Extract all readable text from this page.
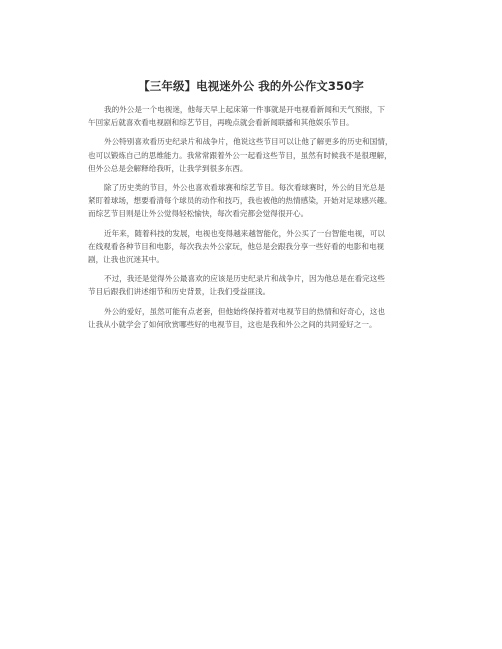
【三年级】电视迷外公 我的外公作文350字

我的外公是一个电视迷，他每天早上起床第一件事就是开电视看新闻和天气预报，下
午回家后就喜欢看电视剧和综艺节目，再晚点就会看新闻联播和其他娱乐节目。

外公特别喜欢看历史纪录片和战争片，他说这些节目可以让他了解更多的历史和国情，
也可以锻炼自己的思维能力。我常常跟着外公一起看这些节目，虽然有时候我不是很理解，
但外公总是会解释给我听，让我学到很多东西。

除了历史类的节目，外公也喜欢看球赛和综艺节目。每次看球赛时，外公的目光总是
紧盯着球场，想要看清每个球员的动作和技巧，我也被他的热情感染，开始对足球感兴趣。
而综艺节目则是让外公觉得轻松愉快，每次看完都会觉得很开心。

近年来，随着科技的发展，电视也变得越来越智能化，外公买了一台智能电视，可以
在线观看各种节目和电影，每次我去外公家玩，他总是会跟我分享一些好看的电影和电视
剧，让我也沉迷其中。

不过，我还是觉得外公最喜欢的应该是历史纪录片和战争片，因为他总是在看完这些
节目后跟我们讲述细节和历史背景，让我们受益匪浅。

外公的爱好，虽然可能有点老套，但他始终保持着对电视节目的热情和好奇心，这也
让我从小就学会了如何欣赏哪些好的电视节目，这也是我和外公之间的共同爱好之一。
